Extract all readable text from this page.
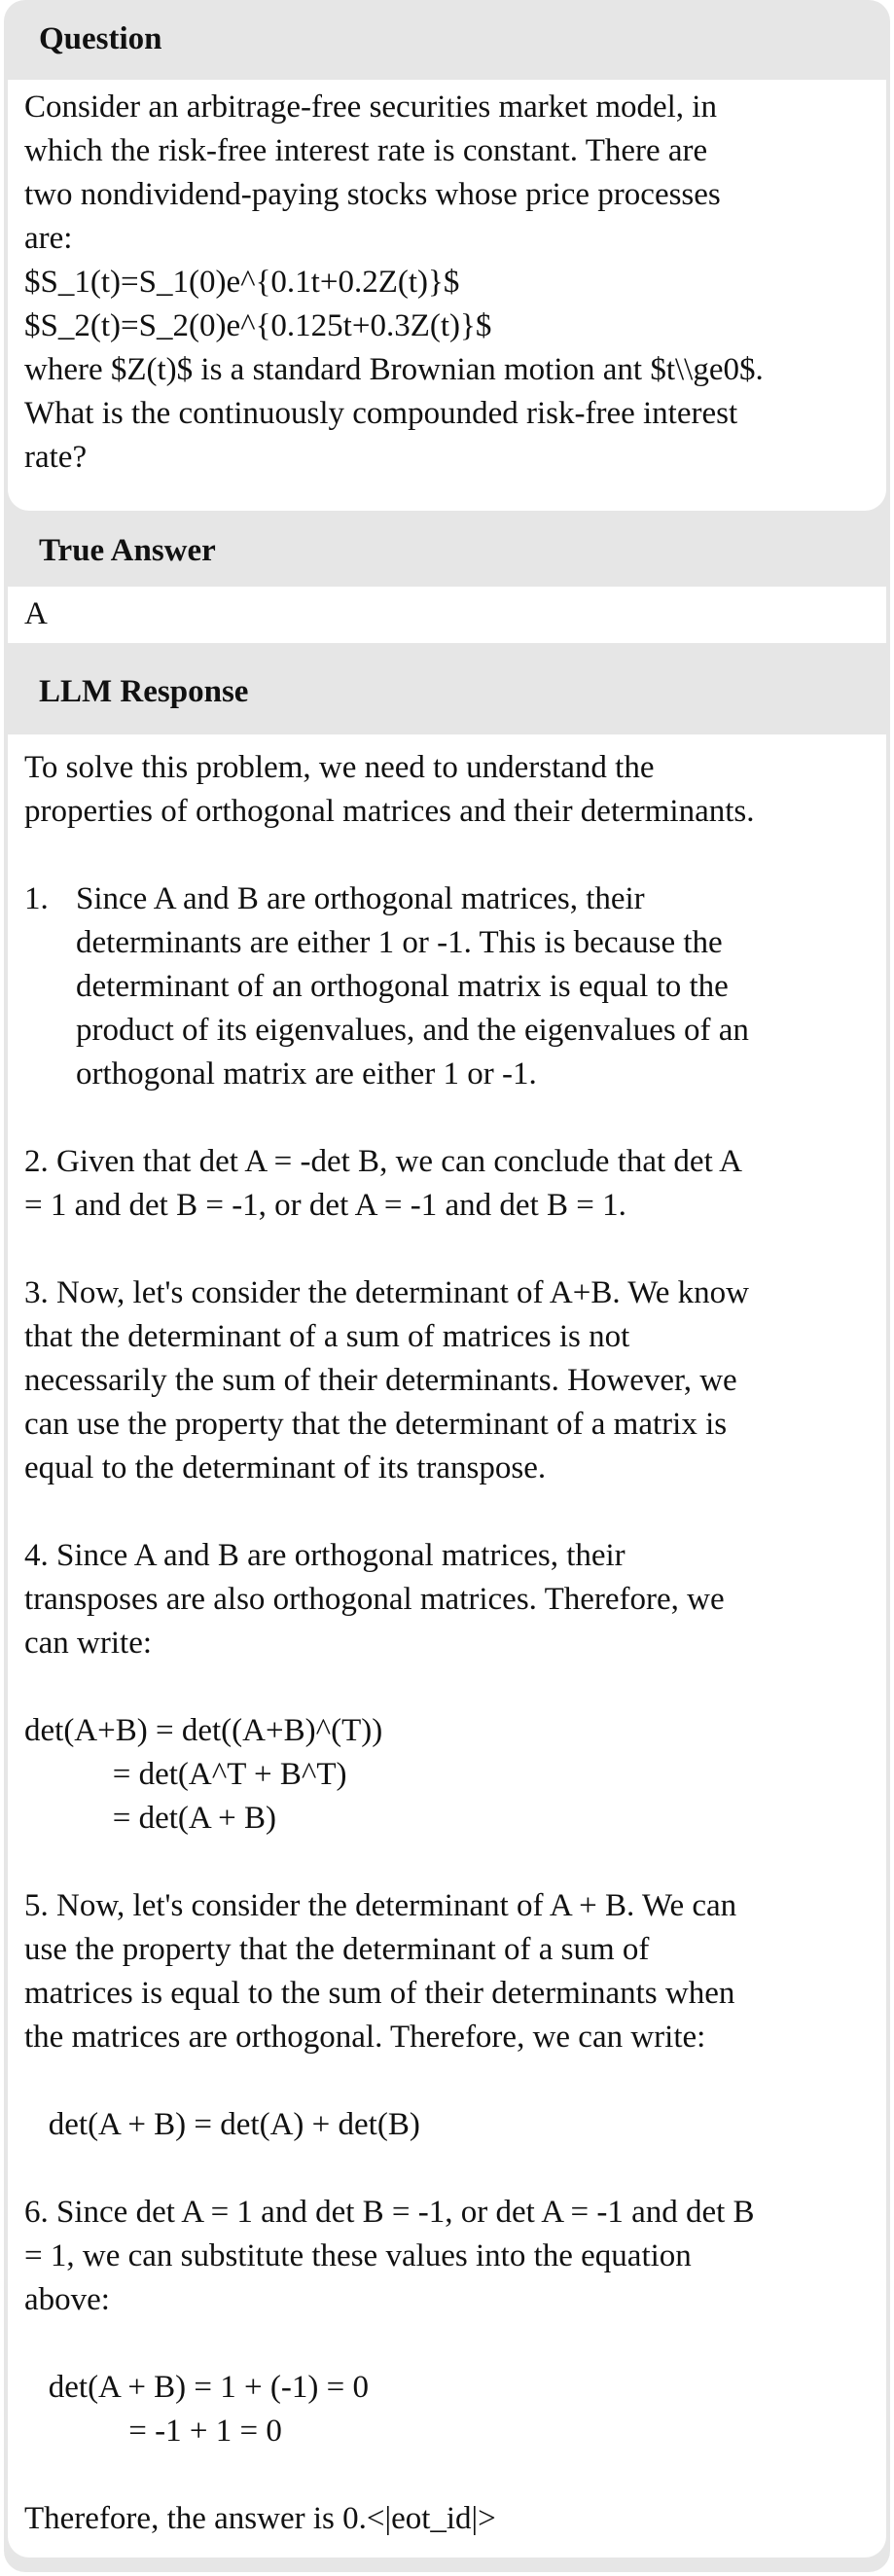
Question

Consider an arbitrage-free securities market model, in

which the risk-free interest rate is constant. There are

two nondividend-paying stocks whose price processes

are:

$S_1(t)=S_1(0)e^{0.1t+0.2Z(t)}$

$S_2(t)=S_2(0)e^{0.125t+0.3Z(t)}$

where $Z(t)$ is a standard Brownian motion ant $t\\ge0$.

What is the continuously compounded risk-free interest

rate?

True Answer
A
LLM Response

To solve this problem, we need to understand the
properties of orthogonal matrices and their determinants.

1. Since A and B are orthogonal matrices, their
determinants are either 1 or -1. This is because the
determinant of an orthogonal matrix is equal to the
product of its eigenvalues, and the eigenvalues of an
orthogonal matrix are either 1 or -1.

2. Given that det A = -det B, we can conclude that det A
= 1 and det B = -1, or det A = -1 and det B = 1.

3. Now, let's consider the determinant of A+B. We know
that the determinant of a sum of matrices is not
necessarily the sum of their determinants. However, we
can use the property that the determinant of a matrix is
equal to the determinant of its transpose.

4. Since A and B are orthogonal matrices, their
transposes are also orthogonal matrices. Therefore, we
can write:

det(A+B) = det((A+B)^(T))
= det(A^T + B^T)
= det(A + B)

5. Now, let's consider the determinant of A + B. We can
use the property that the determinant of a sum of
matrices is equal to the sum of their determinants when
the matrices are orthogonal. Therefore, we can write:

det(A + B) = det(A) + det(B)

6. Since det A = 1 and det B = -1, or det A = -1 and det B
= 1, we can substitute these values into the equation
above:

det(A + B) = 1 + (-1) = 0
= -1 + 1 = 0

Therefore, the answer is 0.<|eot_id|>
